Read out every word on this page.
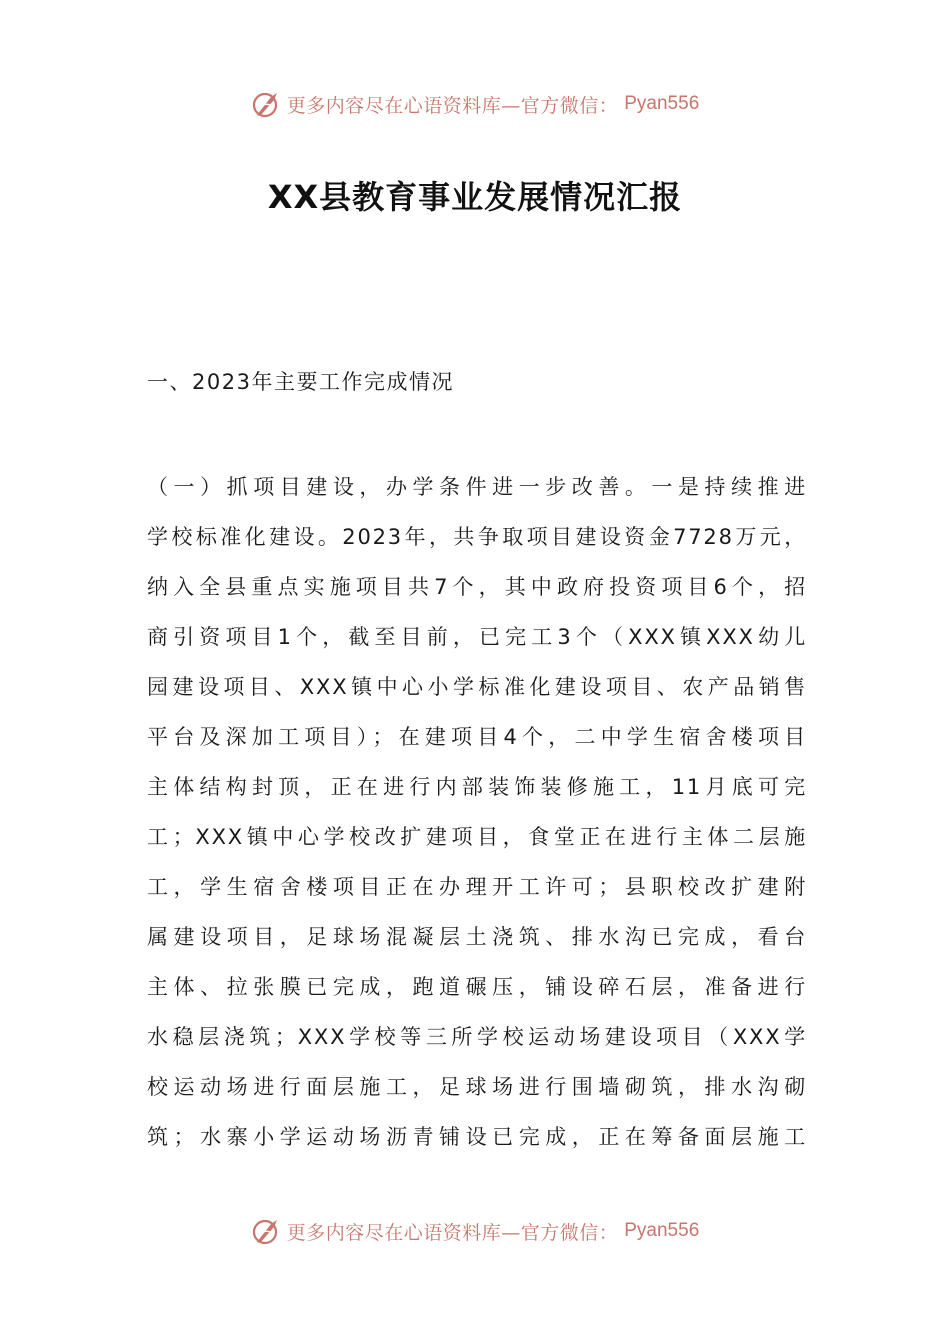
更多内容尽在心语资料库—官方微信： Pyan556
XX县教育事业发展情况汇报
一、2023年主要工作完成情况
（一）抓项目建设，办学条件进一步改善。一是持续推进
学校标准化建设。2023年，共争取项目建设资金7728万元，
纳入全县重点实施项目共7个，其中政府投资项目6个，招
商引资项目1个，截至目前，已完工3个（XXX镇XXX幼儿
园建设项目、XXX镇中心小学标准化建设项目、农产品销售
平台及深加工项目）；在建项目4个，二中学生宿舍楼项目
主体结构封顶，正在进行内部装饰装修施工，11月底可完
工；XXX镇中心学校改扩建项目，食堂正在进行主体二层施
工，学生宿舍楼项目正在办理开工许可；县职校改扩建附
属建设项目，足球场混凝层土浇筑、排水沟已完成，看台
主体、拉张膜已完成，跑道碾压，铺设碎石层，准备进行
水稳层浇筑；XXX学校等三所学校运动场建设项目（XXX学
校运动场进行面层施工，足球场进行围墙砌筑，排水沟砌
筑；水寨小学运动场沥青铺设已完成，正在筹备面层施工
更多内容尽在心语资料库—官方微信： Pyan556
